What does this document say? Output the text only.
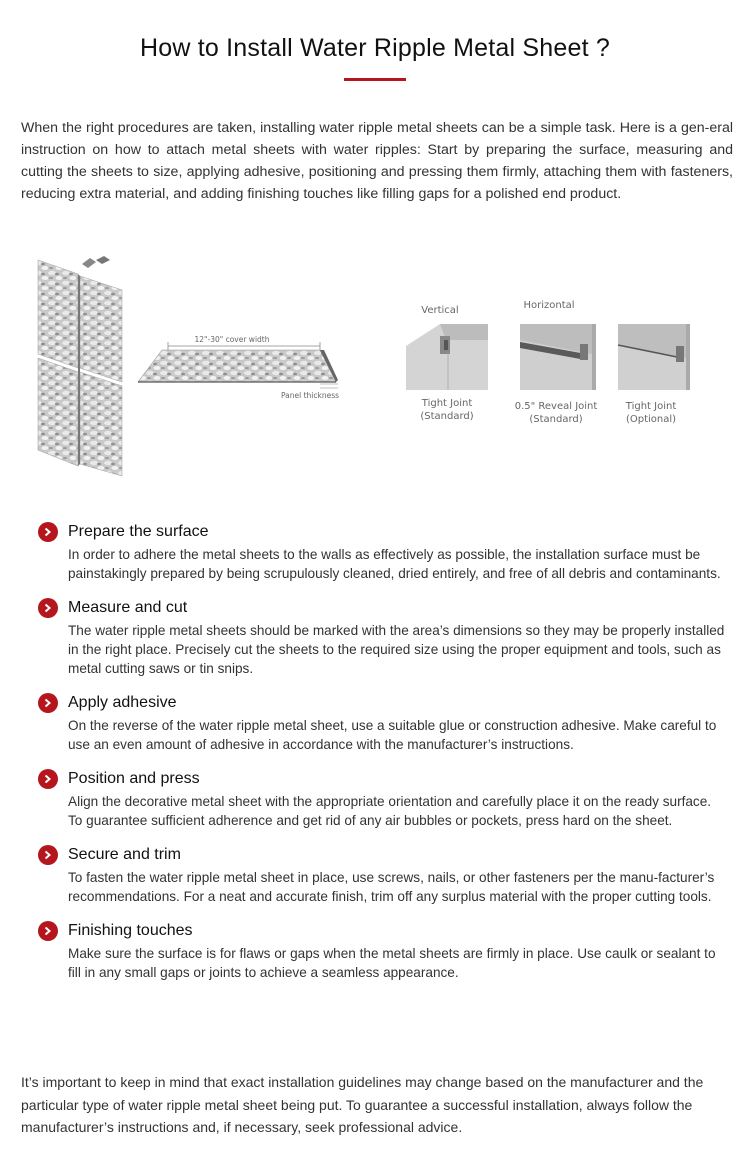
How to Install Water Ripple Metal Sheet ?
When the right procedures are taken, installing water ripple metal sheets can be a simple task. Here is a gen-eral instruction on how to attach metal sheets with water ripples: Start by preparing the surface, measuring and cutting the sheets to size, applying adhesive, positioning and pressing them firmly, attaching them with fasteners, reducing extra material, and adding finishing touches like filling gaps for a polished end product.
12"-30" cover width
Panel thickness
Vertical	Horizontal
Tight Joint
(Standard)
0.5" Reveal Joint
(Standard)
Tight Joint
(Optional)
Prepare the surface
In order to adhere the metal sheets to the walls as effectively as possible, the installation surface must be painstakingly prepared by being scrupulously cleaned, dried entirely, and free of all debris and contaminants.
Measure and cut
The water ripple metal sheets should be marked with the area’s dimensions so they may be properly installed in the right place. Precisely cut the sheets to the required size using the proper equipment and tools, such as metal cutting saws or tin snips.
Apply adhesive
On the reverse of the water ripple metal sheet, use a suitable glue or construction adhesive. Make careful to use an even amount of adhesive in accordance with the manufacturer’s instructions.
Position and press
Align the decorative metal sheet with the appropriate orientation and carefully place it on the ready surface. To guarantee sufficient adherence and get rid of any air bubbles or pockets, press hard on the sheet.
Secure and trim
To fasten the water ripple metal sheet in place, use screws, nails, or other fasteners per the manu-facturer’s recommendations. For a neat and accurate finish, trim off any surplus material with the proper cutting tools.
Finishing touches
Make sure the surface is for flaws or gaps when the metal sheets are firmly in place. Use caulk or sealant to fill in any small gaps or joints to achieve a seamless appearance.
It’s important to keep in mind that exact installation guidelines may change based on the manufacturer and the particular type of water ripple metal sheet being put. To guarantee a successful installation, always follow the manufacturer’s instructions and, if necessary, seek professional advice.
